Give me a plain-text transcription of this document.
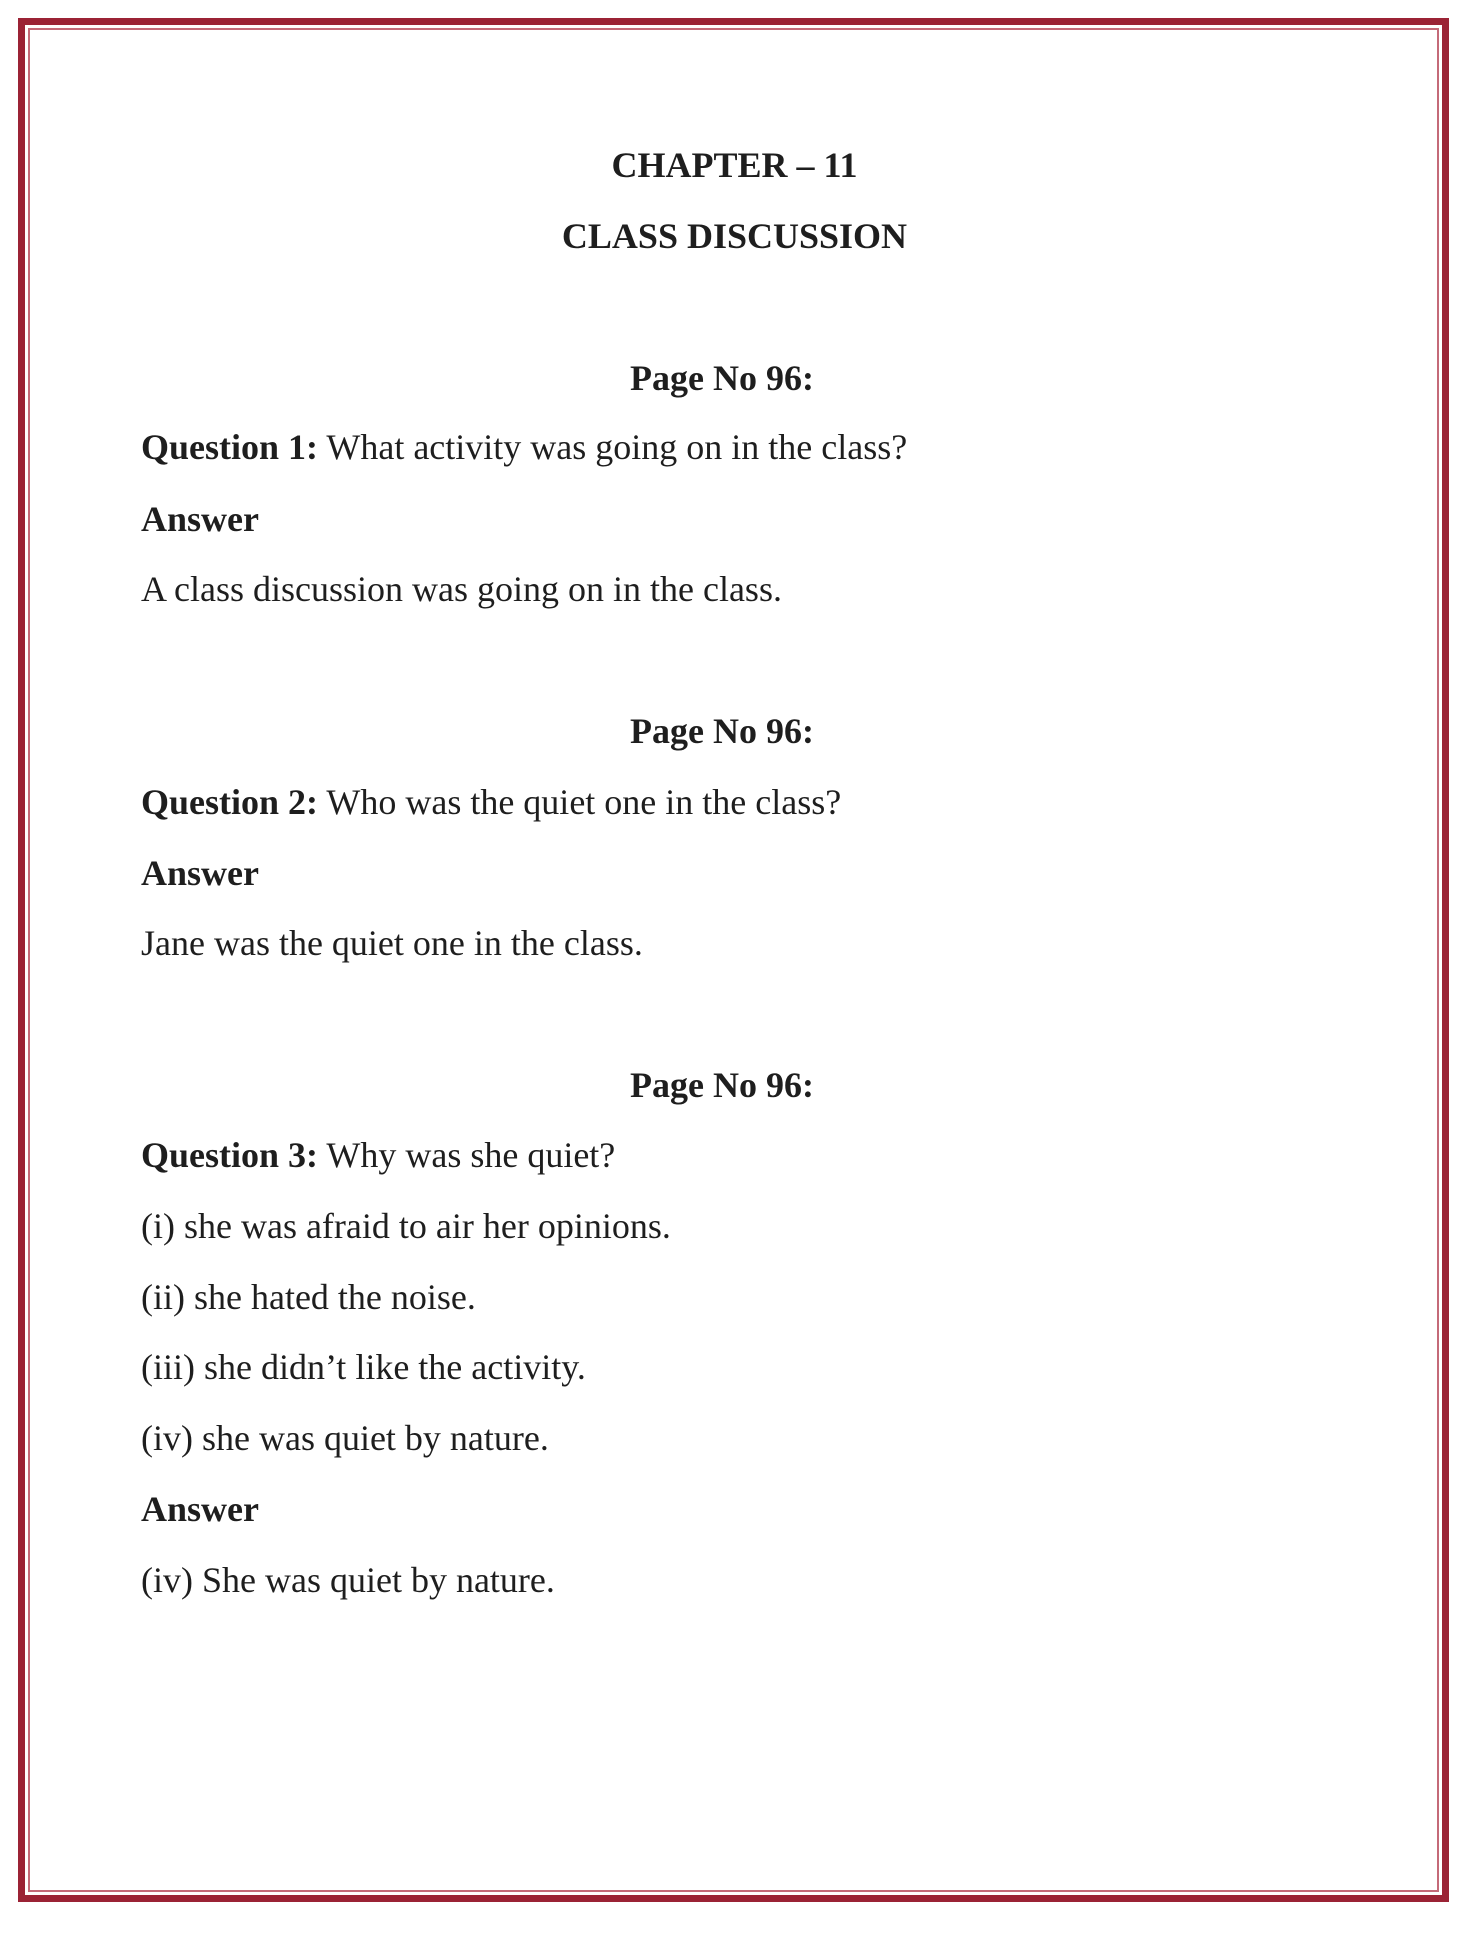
CHAPTER – 11
CLASS DISCUSSION
Page No 96:
Question 1: What activity was going on in the class?
Answer
A class discussion was going on in the class.
Page No 96:
Question 2: Who was the quiet one in the class?
Answer
Jane was the quiet one in the class.
Page No 96:
Question 3: Why was she quiet?
(i) she was afraid to air her opinions.
(ii) she hated the noise.
(iii) she didn’t like the activity.
(iv) she was quiet by nature.
Answer
(iv) She was quiet by nature.
